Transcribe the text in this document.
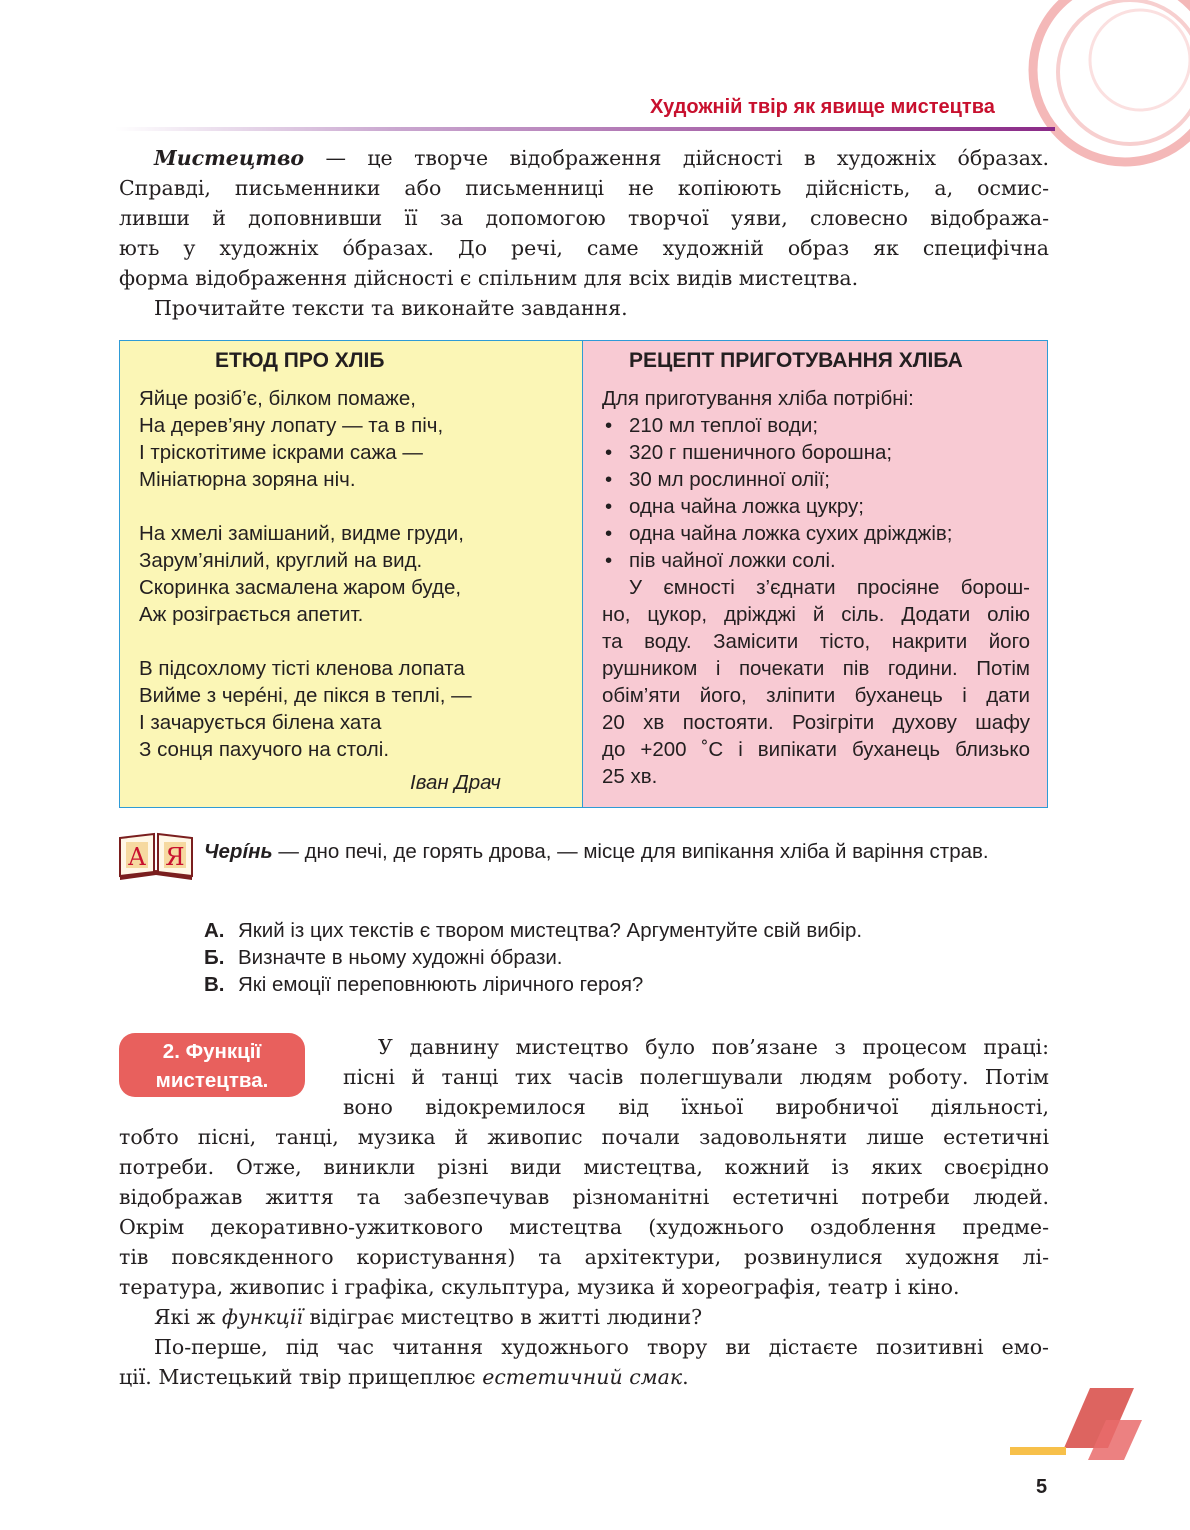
Художній твір як явище мистецтва
Мистецтво — це творче відображення дійсності в художніх о́бразах.
Справді, письменники або письменниці не копіюють дійсність, а, осмис-
ливши й доповнивши її за допомогою творчої уяви, словесно відобража-
ють у художніх о́бразах. До речі, саме художній образ як специфічна
форма відображення дійсності є спільним для всіх видів мистецтва.
Прочитайте тексти та виконайте завдання.
ЕТЮД ПРО ХЛІБ
Яйце розіб’є, білком помаже,
На дерев’яну лопату — та в піч,
І тріскотітиме іскрами сажа —
Мініатюрна зоряна ніч.
На хмелі замішаний, видме груди,
Зарум’янілий, круглий на вид.
Скоринка засмалена жаром буде,
Аж розіграється апетит.
В підсохлому тісті кленова лопата
Вийме з черéні, де пікся в теплі, —
І зачарується білена хата
З сонця пахучого на столі.
Іван Драч
РЕЦЕПТ ПРИГОТУВАННЯ ХЛІБА
Для приготування хліба потрібні:
• 210 мл теплої води;
• 320 г пшеничного борошна;
• 30 мл рослинної олії;
• одна чайна ложка цукру;
• одна чайна ложка сухих дріжджів;
• пів чайної ложки солі.
У ємності з’єднати просіяне борош-
но, цукор, дріжджі й сіль. Додати олію
та воду. Замісити тісто, накрити його
рушником і почекати пів години. Потім
обім’яти його, зліпити буханець і дати
20 хв постояти. Розігріти духову шафу
до +200 ˚С і випікати буханець близько
25 хв.
А Я Черíнь — дно печі, де горять дрова, — місце для випікання хліба й варіння страв.
А. Який із цих текстів є твором мистецтва? Аргументуйте свій вибір.
Б. Визначте в ньому художні о́брази.
В. Які емоції переповнюють ліричного героя?
2. Функції
мистецтва.
У давнину мистецтво було пов’язане з процесом праці:
пісні й танці тих часів полегшували людям роботу. Потім
воно відокремилося від їхньої виробничої діяльності,
тобто пісні, танці, музика й живопис почали задовольняти лише естетичні
потреби. Отже, виникли різні види мистецтва, кожний із яких своєрідно
відображав життя та забезпечував різноманітні естетичні потреби людей.
Окрім декоративно-ужиткового мистецтва (художнього оздоблення предме-
тів повсякденного користування) та архітектури, розвинулися художня лі-
тература, живопис і графіка, скульптура, музика й хореографія, театр і кіно.
Які ж функції відіграє мистецтво в житті людини?
По-перше, під час читання художнього твору ви дістаєте позитивні емо-
ції. Мистецький твір прищеплює естетичний смак.
5
